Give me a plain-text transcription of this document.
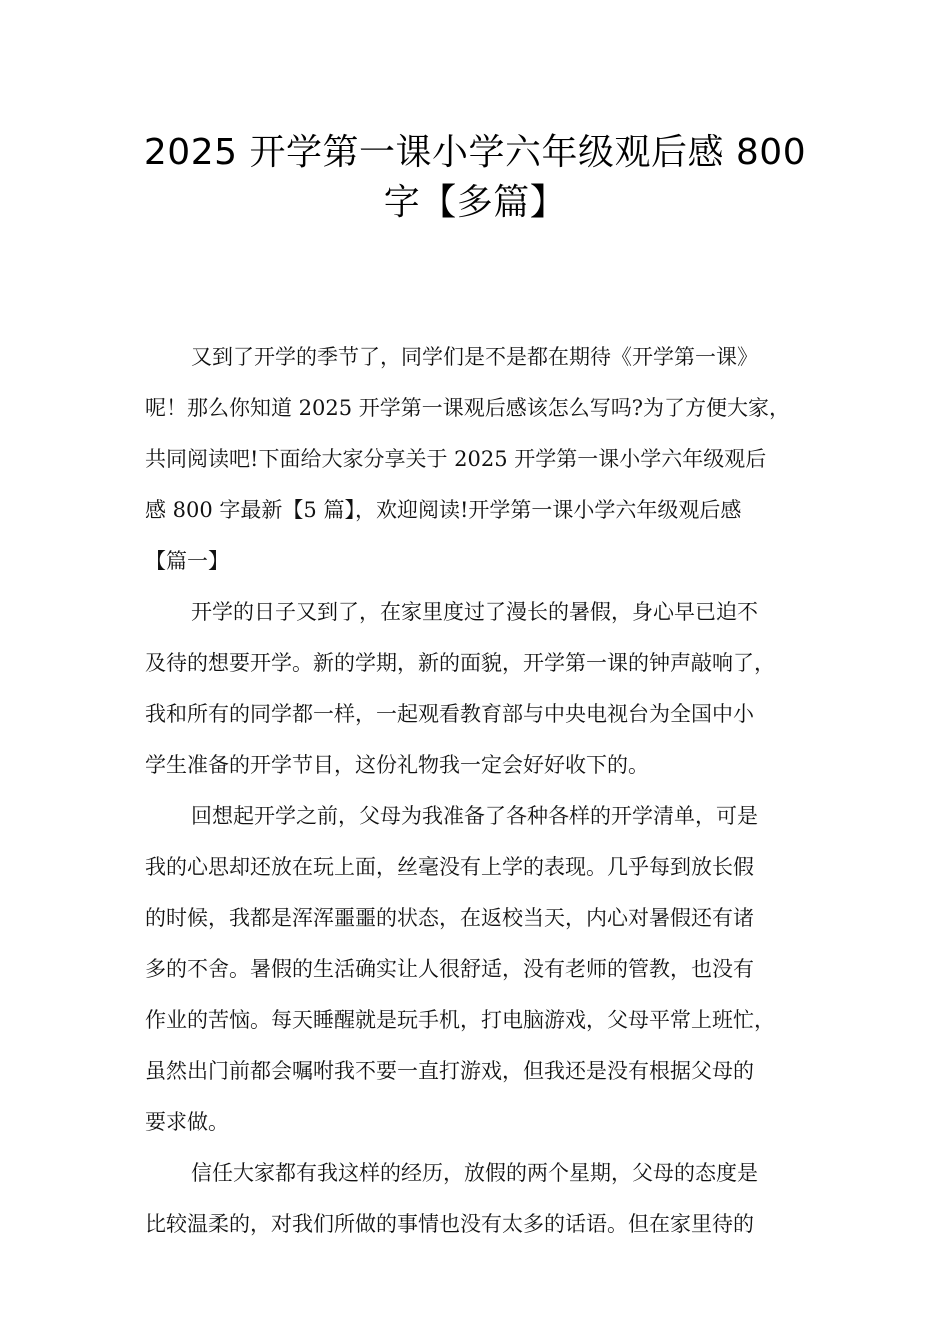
2025 开学第一课小学六年级观后感 800
字【多篇】
又到了开学的季节了，同学们是不是都在期待《开学第一课》
呢！那么你知道 2025 开学第一课观后感该怎么写吗?为了方便大家，
共同阅读吧!下面给大家分享关于 2025 开学第一课小学六年级观后
感 800 字最新【5 篇】，欢迎阅读!开学第一课小学六年级观后感
【篇一】
开学的日子又到了，在家里度过了漫长的暑假，身心早已迫不
及待的想要开学。新的学期，新的面貌，开学第一课的钟声敲响了，
我和所有的同学都一样，一起观看教育部与中央电视台为全国中小
学生准备的开学节目，这份礼物我一定会好好收下的。
回想起开学之前，父母为我准备了各种各样的开学清单，可是
我的心思却还放在玩上面，丝毫没有上学的表现。几乎每到放长假
的时候，我都是浑浑噩噩的状态，在返校当天，内心对暑假还有诸
多的不舍。暑假的生活确实让人很舒适，没有老师的管教，也没有
作业的苦恼。每天睡醒就是玩手机，打电脑游戏，父母平常上班忙，
虽然出门前都会嘱咐我不要一直打游戏，但我还是没有根据父母的
要求做。
信任大家都有我这样的经历，放假的两个星期，父母的态度是
比较温柔的，对我们所做的事情也没有太多的话语。但在家里待的
